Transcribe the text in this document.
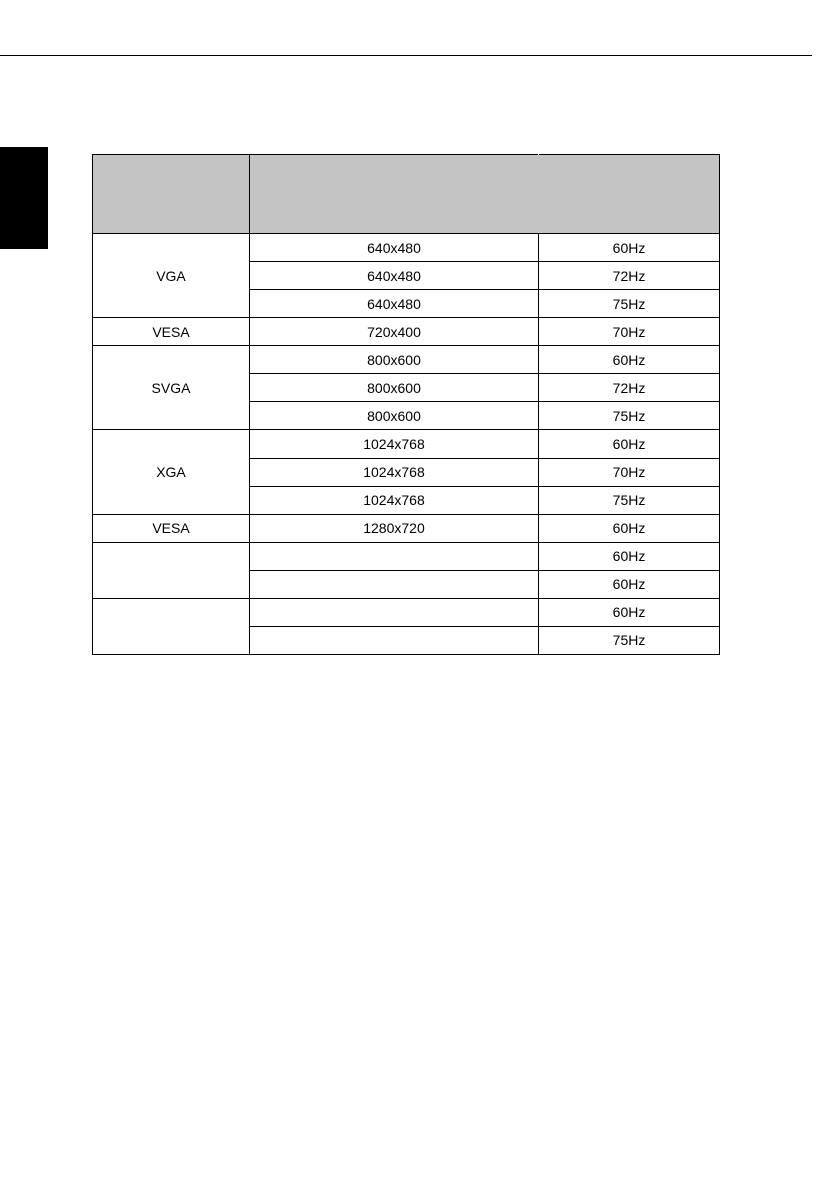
VGA	640x480	60Hz
	640x480	72Hz
	640x480	75Hz
VESA	720x400	70Hz
SVGA	800x600	60Hz
	800x600	72Hz
	800x600	75Hz
XGA	1024x768	60Hz
	1024x768	70Hz
	1024x768	75Hz
VESA	1280x720	60Hz
		60Hz
		60Hz
		60Hz
		75Hz
